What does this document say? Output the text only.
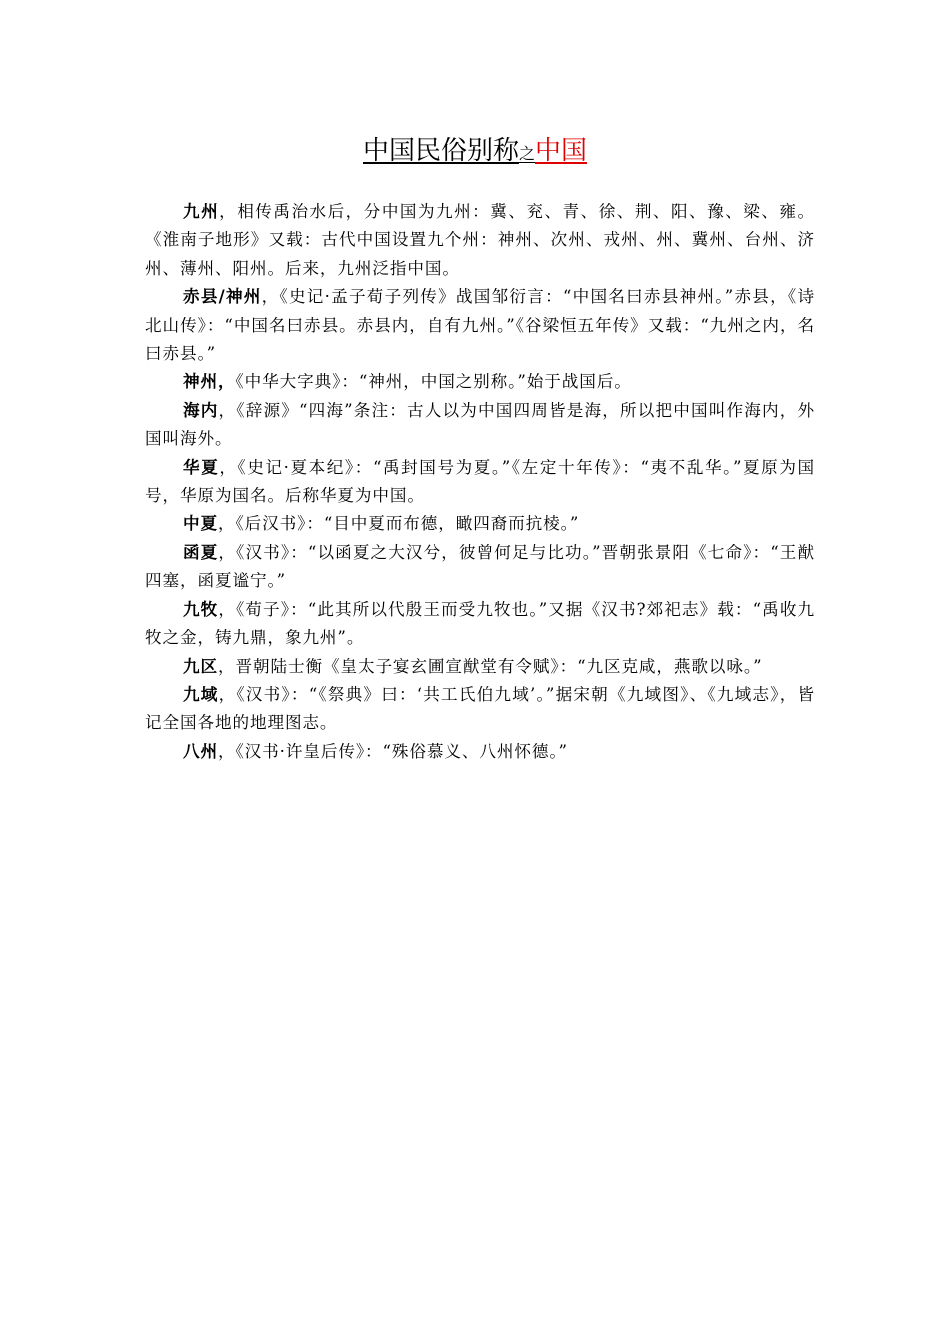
中国民俗别称之中国

九州，相传禹治水后，分中国为九州：冀、兖、青、徐、荆、阳、豫、梁、雍。《淮南子地形》又载：古代中国设置九个州：神州、次州、戎州、州、冀州、台州、济州、薄州、阳州。后来，九州泛指中国。

赤县/神州，《史记·孟子荀子列传》战国邹衍言：“中国名曰赤县神州。”赤县，《诗北山传》：“中国名曰赤县。赤县内，自有九州。”《谷梁恒五年传》又载：“九州之内，名曰赤县。”

神州，《中华大字典》：“神州，中国之别称。”始于战国后。

海内，《辞源》“四海”条注：古人以为中国四周皆是海，所以把中国叫作海内，外国叫海外。

华夏，《史记·夏本纪》：“禹封国号为夏。”《左定十年传》：“夷不乱华。”夏原为国号，华原为国名。后称华夏为中国。

中夏，《后汉书》：“目中夏而布德，瞰四裔而抗棱。”

函夏，《汉书》：“以函夏之大汉兮，彼曾何足与比功。”晋朝张景阳《七命》：“王猷四塞，函夏谧宁。”

九牧，《荀子》：“此其所以代殷王而受九牧也。”又据《汉书?郊祀志》载：“禹收九牧之金，铸九鼎，象九州”。

九区，晋朝陆士衡《皇太子宴玄圃宣猷堂有令赋》：“九区克咸，燕歌以咏。”

九域，《汉书》：“《祭典》曰：‘共工氏伯九域’。”据宋朝《九域图》、《九域志》，皆记全国各地的地理图志。

八州，《汉书·许皇后传》：“殊俗慕义、八州怀德。”
